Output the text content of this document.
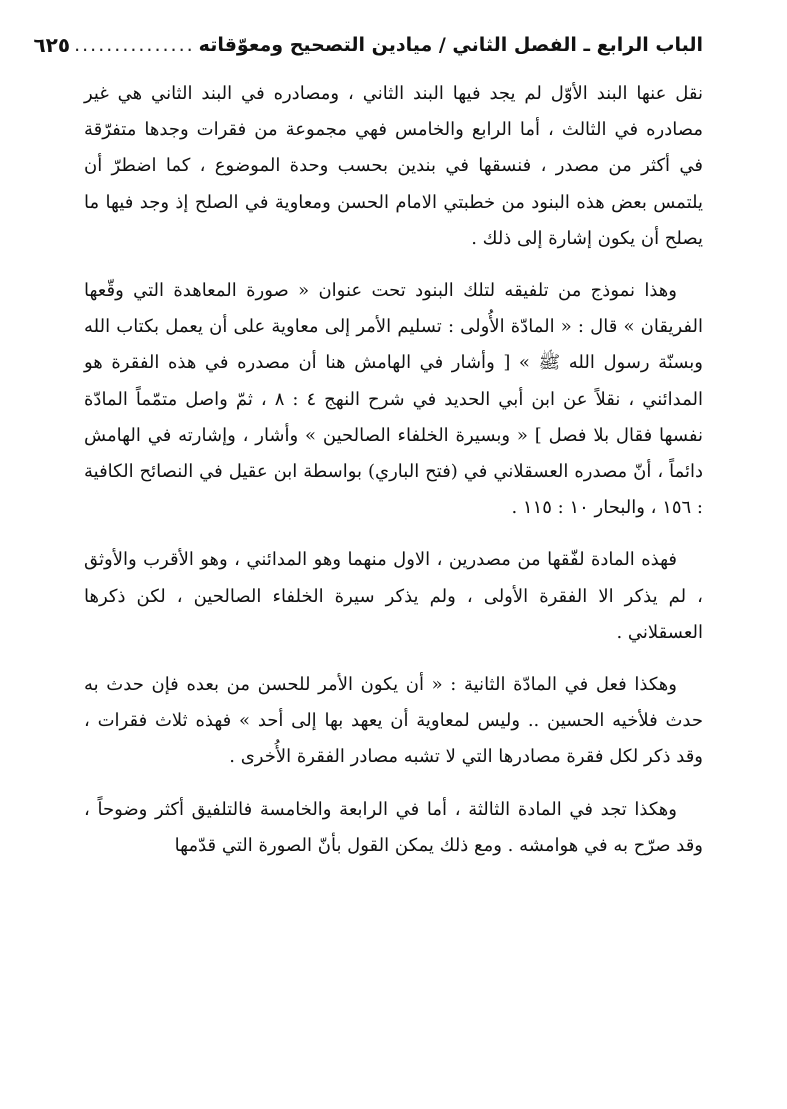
الباب الرابع ـ الفصل الثاني / ميادين التصحيح ومعوّقاته
...............
٦٢٥

نقل عنها البند الأوّل لم يجد فيها البند الثاني ، ومصادره في البند الثاني هي غير مصادره في الثالث ، أما الرابع والخامس فهي مجموعة من فقرات وجدها متفرّقة في أكثر من مصدر ، فنسقها في بندين بحسب وحدة الموضوع ، كما اضطرّ أن يلتمس بعض هذه البنود من خطبتي الامام الحسن ومعاوية في الصلح إذ وجد فيها ما يصلح أن يكون إشارة إلى ذلك .

وهذا نموذج من تلفيقه لتلك البنود تحت عنوان « صورة المعاهدة التي وقّعها الفريقان » قال : « المادّة الأُولى : تسليم الأمر إلى معاوية على أن يعمل بكتاب الله وبسنّة رسول الله ﷺ » [ وأشار في الهامش هنا أن مصدره في هذه الفقرة هو المدائني ، نقلاً عن ابن أبي الحديد في شرح النهج ٤ : ٨ ، ثمّ واصل متمّماً المادّة نفسها فقال بلا فصل ] « وبسيرة الخلفاء الصالحين » وأشار ، وإشارته في الهامش دائماً ، أنّ مصدره العسقلاني في (فتح الباري) بواسطة ابن عقيل في النصائح الكافية : ١٥٦ ، والبحار ١٠ : ١١٥ .

فهذه المادة لفّقها من مصدرين ، الاول منهما وهو المدائني ، وهو الأقرب والأوثق ، لم يذكر الا الفقرة الأولى ، ولم يذكر سيرة الخلفاء الصالحين ، لكن ذكرها العسقلاني .

وهكذا فعل في المادّة الثانية : « أن يكون الأمر للحسن من بعده فإن حدث به حدث فلأخيه الحسين .. وليس لمعاوية أن يعهد بها إلى أحد » فهذه ثلاث فقرات ، وقد ذكر لكل فقرة مصادرها التي لا تشبه مصادر الفقرة الأُخرى .

وهكذا تجد في المادة الثالثة ، أما في الرابعة والخامسة فالتلفيق أكثر وضوحاً ، وقد صرّح به في هوامشه . ومع ذلك يمكن القول بأنّ الصورة التي قدّمها
